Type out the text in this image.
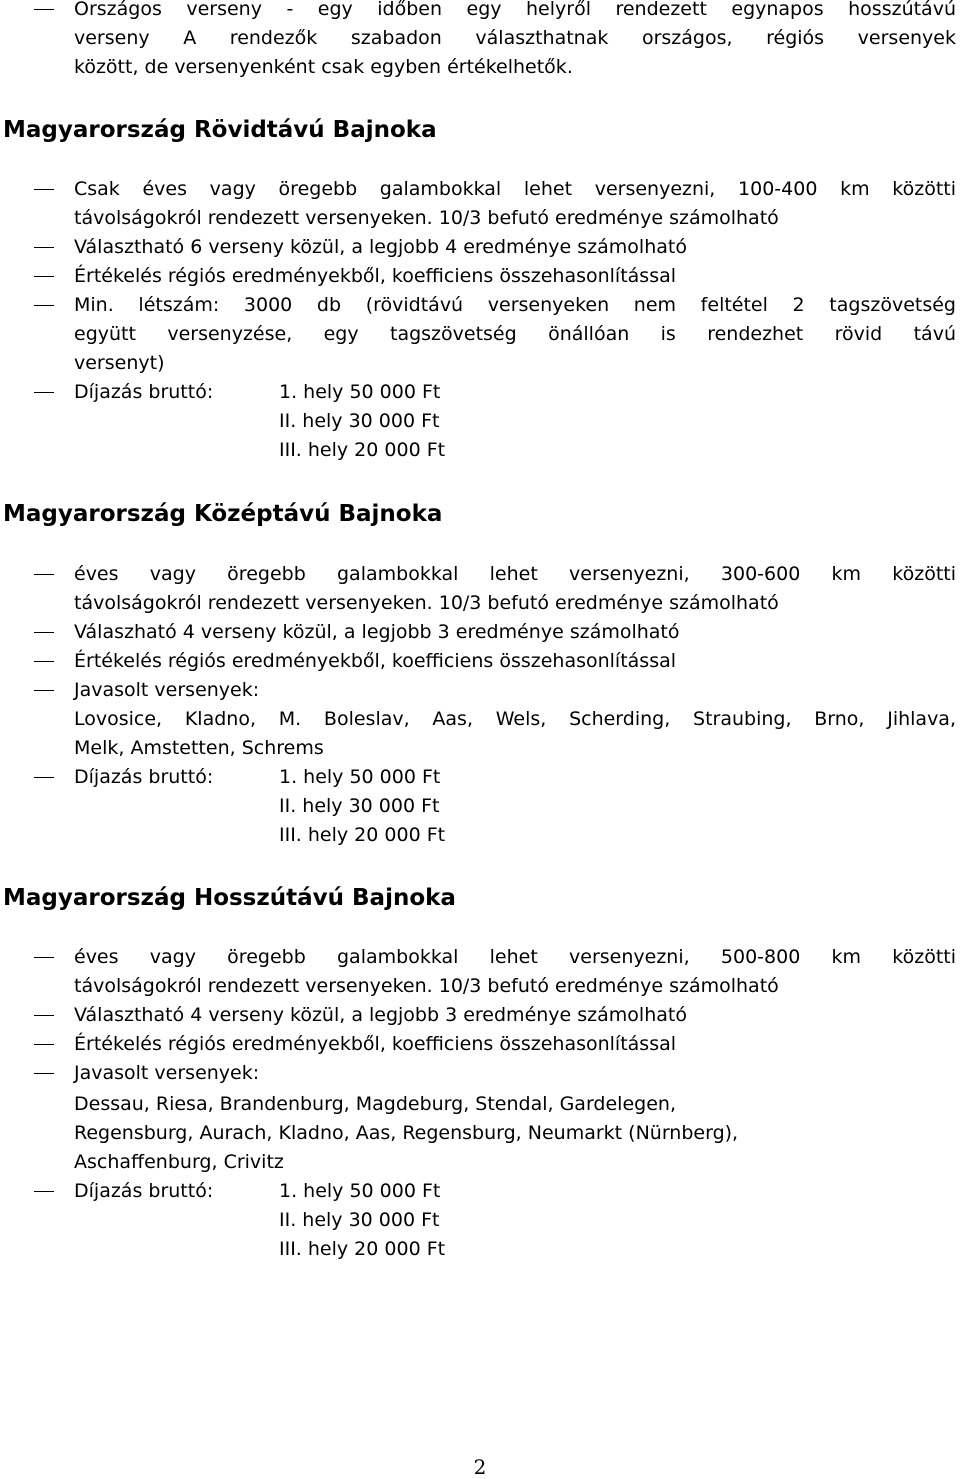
Országos verseny - egy időben egy helyről rendezett egynapos hosszútávú
verseny A rendezők szabadon választhatnak országos, régiós versenyek
között, de versenyenként csak egyben értékelhetők.
Magyarország Rövidtávú Bajnoka
Csak éves vagy öregebb galambokkal lehet versenyezni, 100-400 km közötti
távolságokról rendezett versenyeken. 10/3 befutó eredménye számolható
Választható 6 verseny közül, a legjobb 4 eredménye számolható
Értékelés régiós eredményekből, koefficiens összehasonlítással
Min. létszám: 3000 db (rövidtávú versenyeken nem feltétel 2 tagszövetség
együtt versenyzése, egy tagszövetség önállóan is rendezhet rövid távú
versenyt)
Díjazás bruttó:	1. hely 50 000 Ft
II. hely 30 000 Ft
III. hely 20 000 Ft
Magyarország Középtávú Bajnoka
éves vagy öregebb galambokkal lehet versenyezni, 300-600 km közötti
távolságokról rendezett versenyeken. 10/3 befutó eredménye számolható
Válaszható 4 verseny közül, a legjobb 3 eredménye számolható
Értékelés régiós eredményekből, koefficiens összehasonlítással
Javasolt versenyek:
Lovosice, Kladno, M. Boleslav, Aas, Wels, Scherding, Straubing, Brno, Jihlava,
Melk, Amstetten, Schrems
Díjazás bruttó:	1. hely 50 000 Ft
II. hely 30 000 Ft
III. hely 20 000 Ft
Magyarország Hosszútávú Bajnoka
éves vagy öregebb galambokkal lehet versenyezni, 500-800 km közötti
távolságokról rendezett versenyeken. 10/3 befutó eredménye számolható
Választható 4 verseny közül, a legjobb 3 eredménye számolható
Értékelés régiós eredményekből, koefficiens összehasonlítással
Javasolt versenyek:
Dessau, Riesa, Brandenburg, Magdeburg, Stendal, Gardelegen,
Regensburg, Aurach, Kladno, Aas, Regensburg, Neumarkt (Nürnberg),
Aschaffenburg, Crivitz
Díjazás bruttó:	1. hely 50 000 Ft
II. hely 30 000 Ft
III. hely 20 000 Ft
2
